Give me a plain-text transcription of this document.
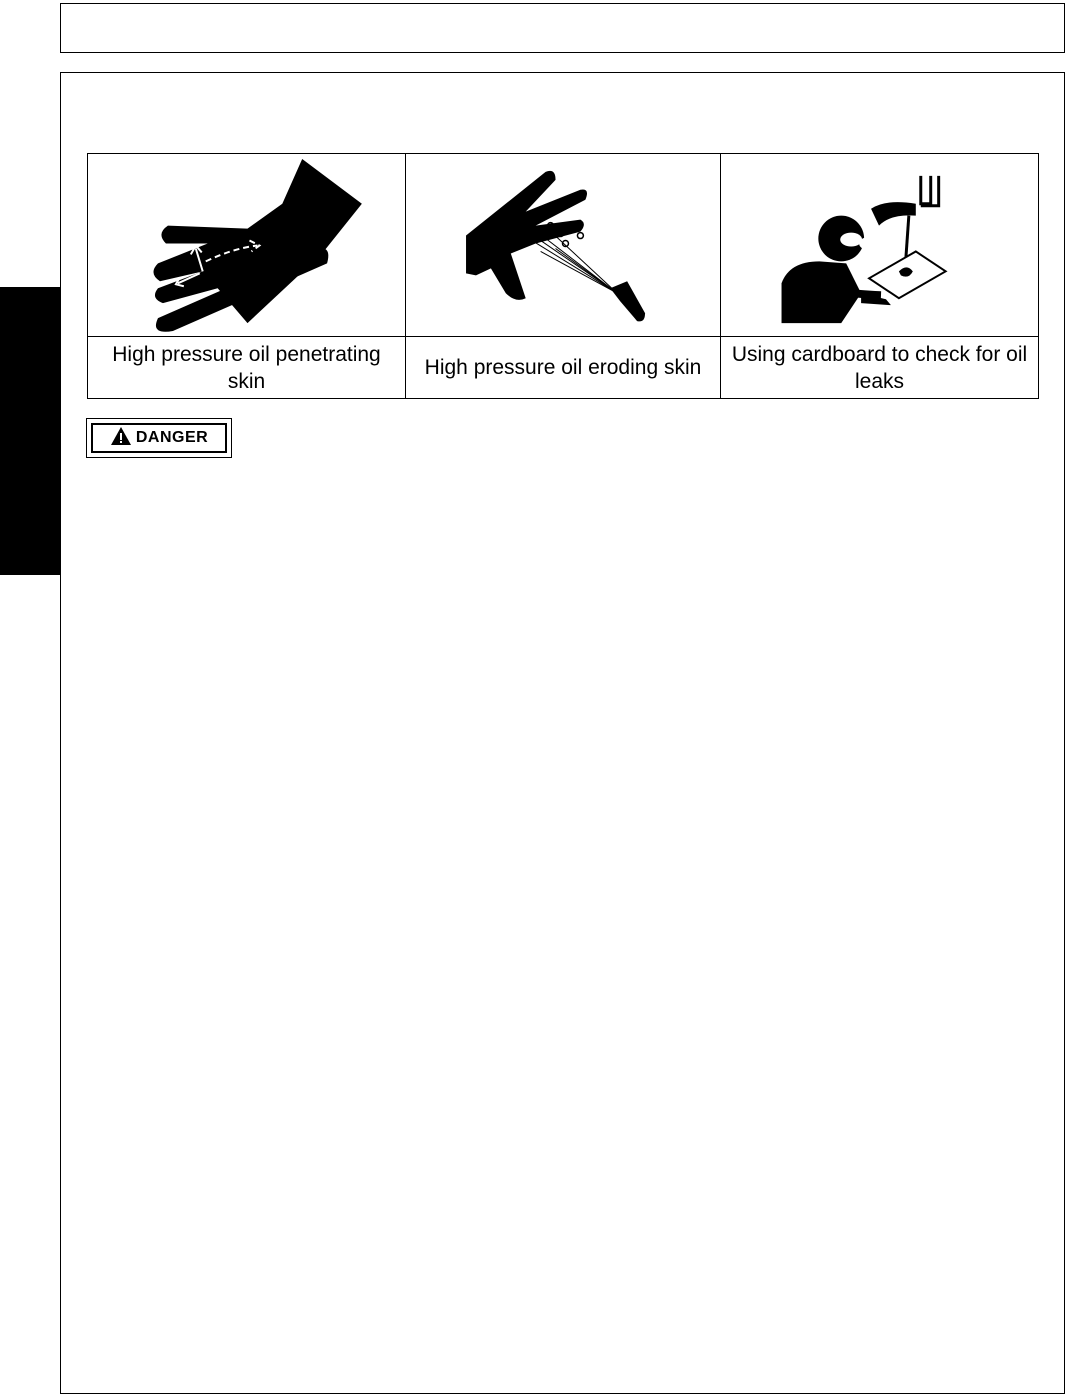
High pressure oil penetrating skin
High pressure oil eroding skin
Using cardboard to check for oil leaks
DANGER
